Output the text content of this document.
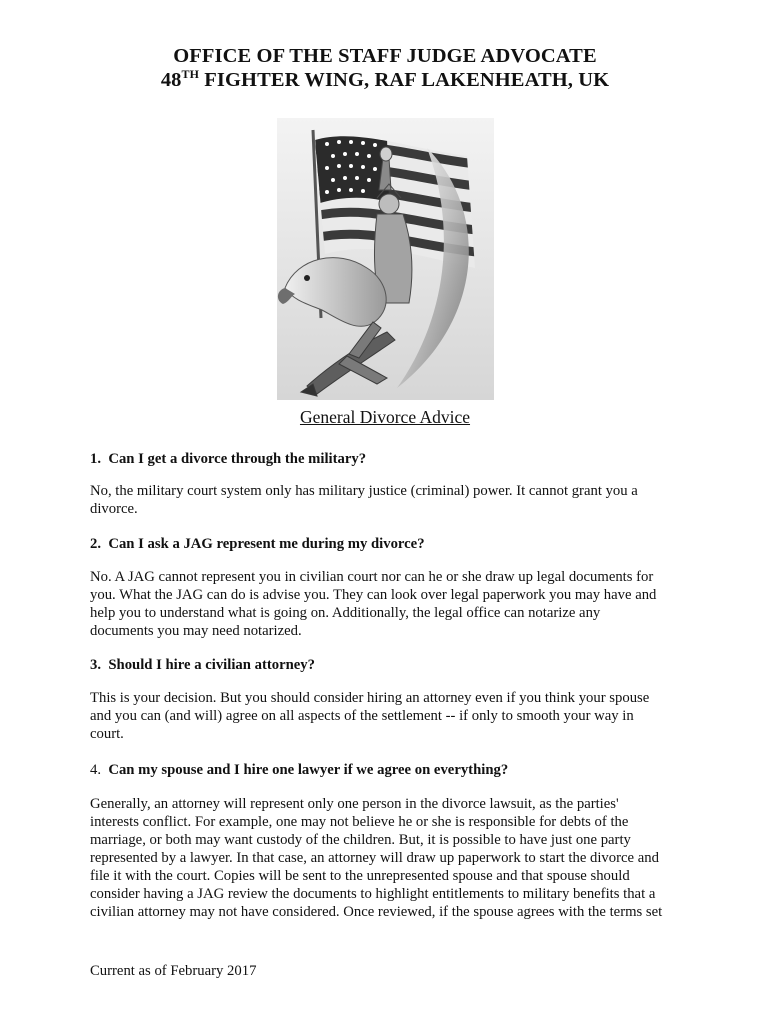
OFFICE OF THE STAFF JUDGE ADVOCATE
48TH FIGHTER WING, RAF LAKENHEATH, UK
General Divorce Advice
1. Can I get a divorce through the military?
No, the military court system only has military justice (criminal) power. It cannot grant you a
divorce.
2. Can I ask a JAG represent me during my divorce?
No. A JAG cannot represent you in civilian court nor can he or she draw up legal documents for
you. What the JAG can do is advise you. They can look over legal paperwork you may have and
help you to understand what is going on. Additionally, the legal office can notarize any
documents you may need notarized.
3. Should I hire a civilian attorney?
This is your decision. But you should consider hiring an attorney even if you think your spouse
and you can (and will) agree on all aspects of the settlement -- if only to smooth your way in
court.
4. Can my spouse and I hire one lawyer if we agree on everything?
Generally, an attorney will represent only one person in the divorce lawsuit, as the parties'
interests conflict. For example, one may not believe he or she is responsible for debts of the
marriage, or both may want custody of the children. But, it is possible to have just one party
represented by a lawyer. In that case, an attorney will draw up paperwork to start the divorce and
file it with the court. Copies will be sent to the unrepresented spouse and that spouse should
consider having a JAG review the documents to highlight entitlements to military benefits that a
civilian attorney may not have considered. Once reviewed, if the spouse agrees with the terms set
Current as of February 2017
